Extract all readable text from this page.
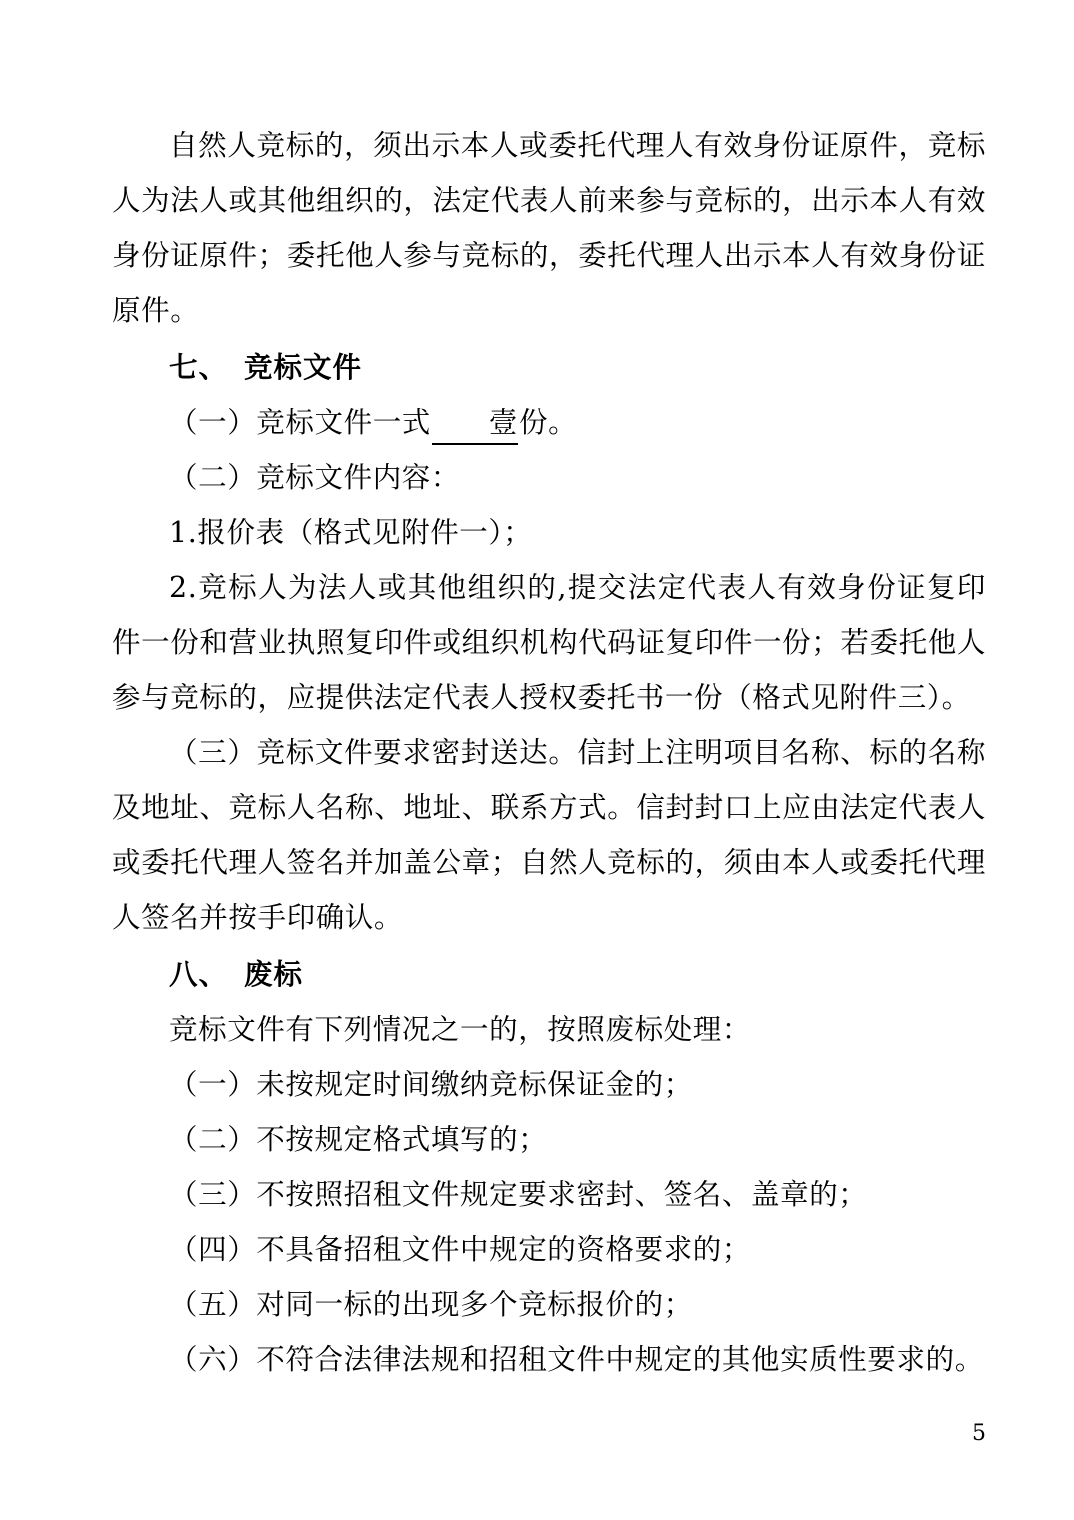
自然人竞标的，须出示本人或委托代理人有效身份证原件，竞标人为法人或其他组织的，法定代表人前来参与竞标的，出示本人有效身份证原件；委托他人参与竞标的，委托代理人出示本人有效身份证原件。

七、 竞标文件

（一）竞标文件一式 壹份。

（二）竞标文件内容：

1.报价表（格式见附件一）；

2.竞标人为法人或其他组织的,提交法定代表人有效身份证复印件一份和营业执照复印件或组织机构代码证复印件一份；若委托他人参与竞标的，应提供法定代表人授权委托书一份（格式见附件三）。

（三）竞标文件要求密封送达。信封上注明项目名称、标的名称及地址、竞标人名称、地址、联系方式。信封封口上应由法定代表人或委托代理人签名并加盖公章；自然人竞标的，须由本人或委托代理人签名并按手印确认。

八、 废标

竞标文件有下列情况之一的，按照废标处理：

（一）未按规定时间缴纳竞标保证金的；

（二）不按规定格式填写的；

（三）不按照招租文件规定要求密封、签名、盖章的；

（四）不具备招租文件中规定的资格要求的；

（五）对同一标的出现多个竞标报价的；

（六）不符合法律法规和招租文件中规定的其他实质性要求的。

5
